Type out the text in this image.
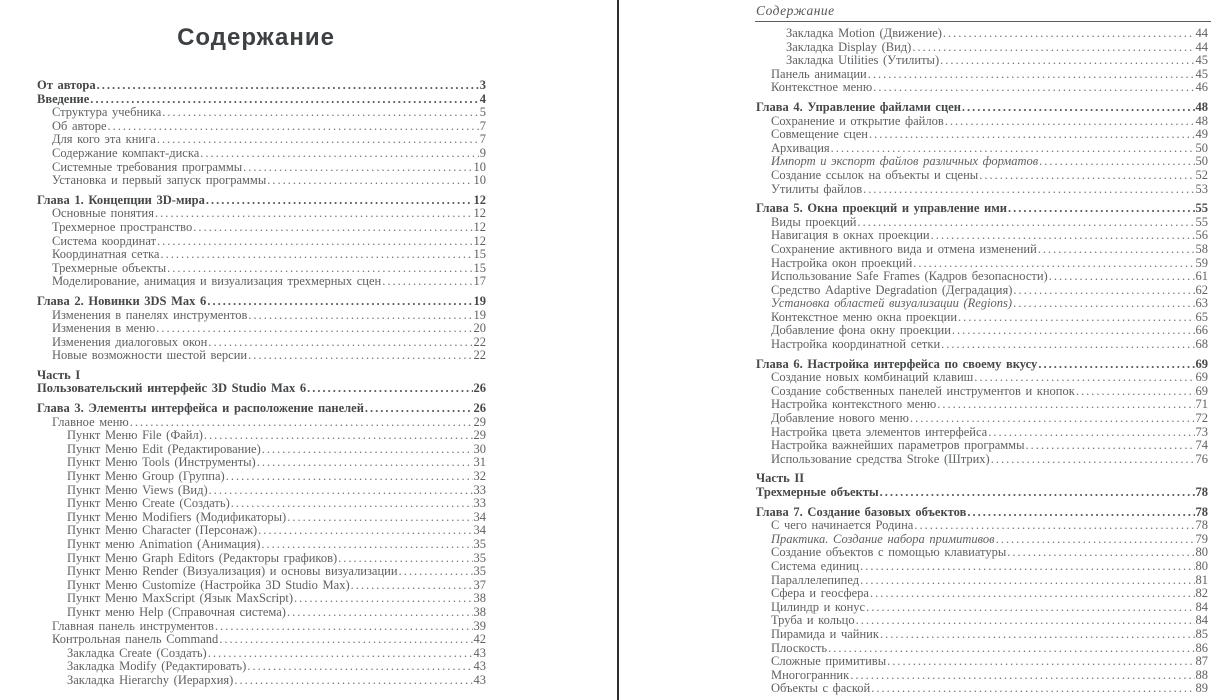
Содержание
От автора .....	3
Введение .....	4
Структура учебника .....	5
Об авторе .....	7
Для кого эта книга .....	7
Содержание компакт-диска .....	9
Системные требования программы .....	10
Установка и первый запуск программы .....	10
Глава 1. Концепции 3D-мира .....	12
Основные понятия .....	12
Трехмерное пространство .....	12
Система координат .....	12
Координатная сетка .....	15
Трехмерные объекты .....	15
Моделирование, анимация и визуализация трехмерных сцен .....	17
Глава 2. Новинки 3DS Max 6 .....	19
Изменения в панелях инструментов .....	19
Изменения в меню .....	20
Изменения диалоговых окон .....	22
Новые возможности шестой версии .....	22
Часть I
Пользовательский интерфейс 3D Studio Max 6 .....	26
Глава 3. Элементы интерфейса и расположение панелей .....	26
Главное меню .....	29
Пункт Меню File (Файл) .....	29
Пункт Меню Edit (Редактирование) .....	30
Пункт Меню Tools (Инструменты) .....	31
Пункт Меню Group (Группа) .....	32
Пункт Меню Views (Вид) .....	33
Пункт Меню Create (Создать) .....	33
Пункт Меню Modifiers (Модификаторы) .....	34
Пункт Меню Character (Персонаж) .....	34
Пункт меню Animation (Анимация) .....	35
Пункт Меню Graph Editors (Редакторы графиков) .....	35
Пункт Меню Render (Визуализация) и основы визуализации .....	35
Пункт Меню Customize (Настройка 3D Studio Max) .....	37
Пункт Меню MaxScript (Язык MaxScript) .....	38
Пункт меню Help (Справочная система) .....	38
Главная панель инструментов .....	39
Контрольная панель Command .....	42
Закладка Create (Создать) .....	43
Закладка Modify (Редактировать) .....	43
Закладка Hierarchy (Иерархия) .....	43
Содержание
Закладка Motion (Движение) .....	44
Закладка Display (Вид) .....	44
Закладка Utilities (Утилиты) .....	45
Панель анимации .....	45
Контекстное меню .....	46
Глава 4. Управление файлами сцен .....	48
Сохранение и открытие файлов .....	48
Совмещение сцен .....	49
Архивация .....	50
Импорт и экспорт файлов различных форматов .....	50
Создание ссылок на объекты и сцены .....	52
Утилиты файлов .....	53
Глава 5. Окна проекций и управление ими .....	55
Виды проекций .....	55
Навигация в окнах проекции .....	56
Сохранение активного вида и отмена изменений .....	58
Настройка окон проекций .....	59
Использование Safe Frames (Кадров безопасности) .....	61
Средство Adaptive Degradation (Деградация) .....	62
Установка областей визуализации (Regions) .....	63
Контекстное меню окна проекции .....	65
Добавление фона окну проекции .....	66
Настройка координатной сетки .....	68
Глава 6. Настройка интерфейса по своему вкусу .....	69
Создание новых комбинаций клавиш .....	69
Создание собственных панелей инструментов и кнопок .....	69
Настройка контекстного меню .....	71
Добавление нового меню .....	72
Настройка цвета элементов интерфейса .....	73
Настройка важнейших параметров программы .....	74
Использование средства Stroke (Штрих) .....	76
Часть II
Трехмерные объекты .....	78
Глава 7. Создание базовых объектов .....	78
С чего начинается Родина .....	78
Практика. Создание набора примитивов .....	79
Создание объектов с помощью клавиатуры .....	80
Система единиц .....	80
Параллелепипед .....	81
Сфера и геосфера .....	82
Цилиндр и конус .....	84
Труба и кольцо .....	84
Пирамида и чайник .....	85
Плоскость .....	86
Сложные примитивы .....	87
Многогранник .....	88
Объекты с фаской .....	89
